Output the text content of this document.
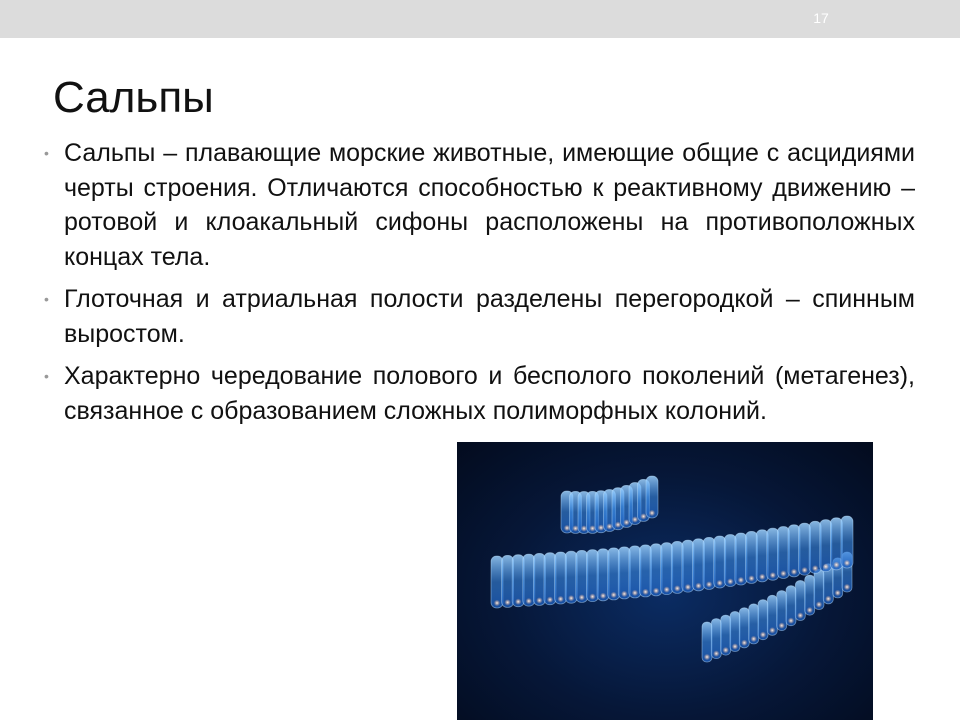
17
Сальпы
• Сальпы – плавающие морские животные, имеющие общие с асцидиями черты строения. Отличаются способностью к реактивному движению – ротовой и клоакальный сифоны расположены на противоположных концах тела.
• Глоточная и атриальная полости разделены перегородкой – спинным выростом.
• Характерно чередование полового и бесполого поколений (метагенез), связанное с образованием сложных полиморфных колоний.
